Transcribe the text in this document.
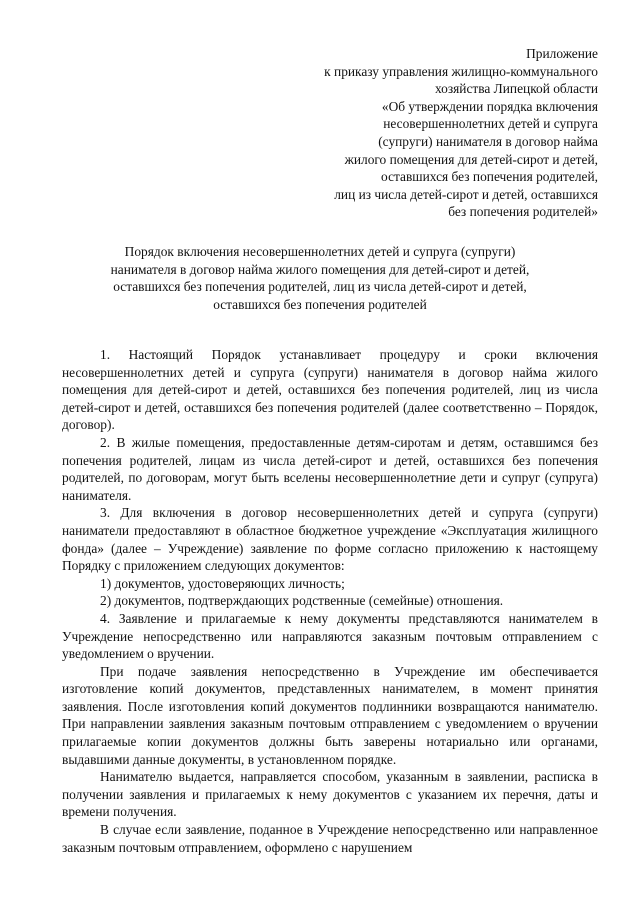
Приложение
к приказу управления жилищно-коммунального
хозяйства Липецкой области
«Об утверждении порядка включения
несовершеннолетних детей и супруга
(супруги) нанимателя в договор найма
жилого помещения для детей-сирот и детей,
оставшихся без попечения родителей,
лиц из числа детей-сирот и детей, оставшихся
без попечения родителей»
Порядок включения несовершеннолетних детей и супруга (супруги)
нанимателя в договор найма жилого помещения для детей-сирот и детей,
оставшихся без попечения родителей, лиц из числа детей-сирот и детей,
оставшихся без попечения родителей

1. Настоящий Порядок устанавливает процедуру и сроки включения несовершеннолетних детей и супруга (супруги) нанимателя в договор найма жилого помещения для детей-сирот и детей, оставшихся без попечения родителей, лиц из числа детей-сирот и детей, оставшихся без попечения родителей (далее соответственно – Порядок, договор).

2. В жилые помещения, предоставленные детям-сиротам и детям, оставшимся без попечения родителей, лицам из числа детей-сирот и детей, оставшихся без попечения родителей, по договорам, могут быть вселены несовершеннолетние дети и супруг (супруга) нанимателя.

3. Для включения в договор несовершеннолетних детей и супруга (супруги) наниматели предоставляют в областное бюджетное учреждение «Эксплуатация жилищного фонда» (далее – Учреждение) заявление по форме согласно приложению к настоящему Порядку с приложением следующих документов:

1) документов, удостоверяющих личность;

2) документов, подтверждающих родственные (семейные) отношения.

4. Заявление и прилагаемые к нему документы представляются нанимателем в Учреждение непосредственно или направляются заказным почтовым отправлением с уведомлением о вручении.

При подаче заявления непосредственно в Учреждение им обеспечивается изготовление копий документов, представленных нанимателем, в момент принятия заявления. После изготовления копий документов подлинники возвращаются нанимателю. При направлении заявления заказным почтовым отправлением с уведомлением о вручении прилагаемые копии документов должны быть заверены нотариально или органами, выдавшими данные документы, в установленном порядке.

Нанимателю выдается, направляется способом, указанным в заявлении, расписка в получении заявления и прилагаемых к нему документов с указанием их перечня, даты и времени получения.

В случае если заявление, поданное в Учреждение непосредственно или направленное заказным почтовым отправлением, оформлено с нарушением
